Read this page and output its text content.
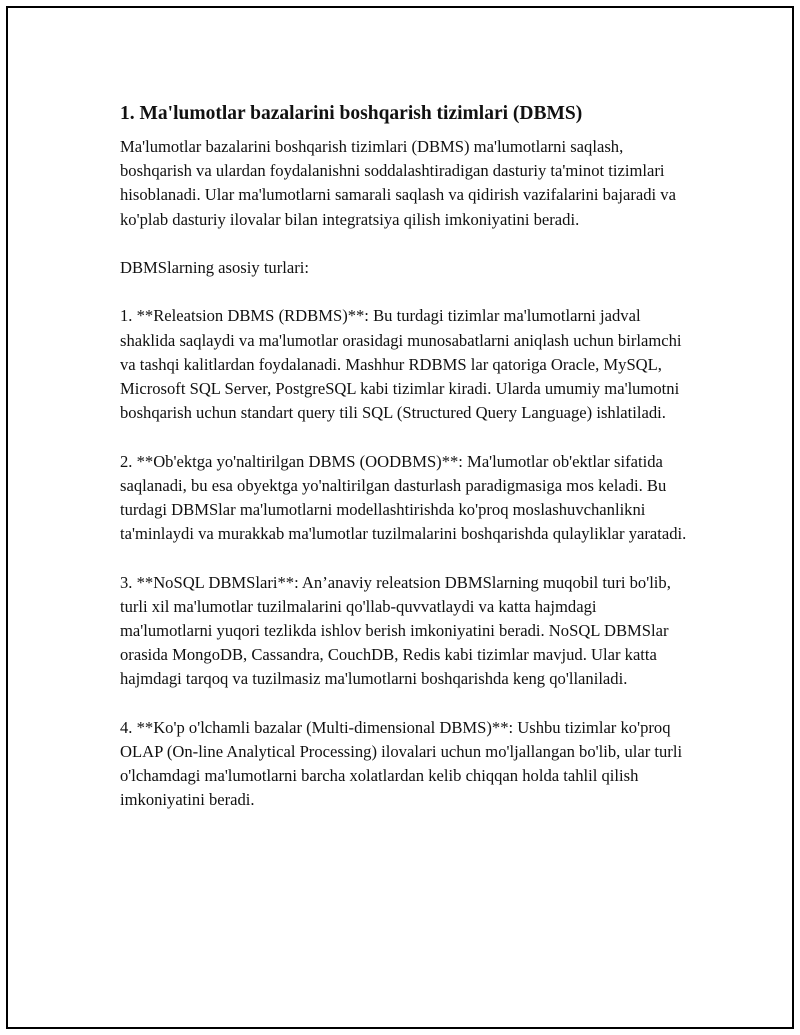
1. Ma'lumotlar bazalarini boshqarish tizimlari (DBMS)

Ma'lumotlar bazalarini boshqarish tizimlari (DBMS) ma'lumotlarni saqlash, boshqarish va ulardan foydalanishni soddalashtiradigan dasturiy ta'minot tizimlari hisoblanadi. Ular ma'lumotlarni samarali saqlash va qidirish vazifalarini bajaradi va ko'plab dasturiy ilovalar bilan integratsiya qilish imkoniyatini beradi.

DBMSlarning asosiy turlari:

1. **Releatsion DBMS (RDBMS)**: Bu turdagi tizimlar ma'lumotlarni jadval shaklida saqlaydi va ma'lumotlar orasidagi munosabatlarni aniqlash uchun birlamchi va tashqi kalitlardan foydalanadi. Mashhur RDBMS lar qatoriga Oracle, MySQL, Microsoft SQL Server, PostgreSQL kabi tizimlar kiradi. Ularda umumiy ma'lumotni boshqarish uchun standart query tili SQL (Structured Query Language) ishlatiladi.

2. **Ob'ektga yo'naltirilgan DBMS (OODBMS)**: Ma'lumotlar ob'ektlar sifatida saqlanadi, bu esa obyektga yo'naltirilgan dasturlash paradigmasiga mos keladi. Bu turdagi DBMSlar ma'lumotlarni modellashtirishda ko'proq moslashuvchanlikni ta'minlaydi va murakkab ma'lumotlar tuzilmalarini boshqarishda qulayliklar yaratadi.

3. **NoSQL DBMSlari**: An’anaviy releatsion DBMSlarning muqobil turi bo'lib, turli xil ma'lumotlar tuzilmalarini qo'llab-quvvatlaydi va katta hajmdagi ma'lumotlarni yuqori tezlikda ishlov berish imkoniyatini beradi. NoSQL DBMSlar orasida MongoDB, Cassandra, CouchDB, Redis kabi tizimlar mavjud. Ular katta hajmdagi tarqoq va tuzilmasiz ma'lumotlarni boshqarishda keng qo'llaniladi.

4. **Ko'p o'lchamli bazalar (Multi-dimensional DBMS)**: Ushbu tizimlar ko'proq OLAP (On-line Analytical Processing) ilovalari uchun mo'ljallangan bo'lib, ular turli o'lchamdagi ma'lumotlarni barcha xolatlardan kelib chiqqan holda tahlil qilish imkoniyatini beradi.
